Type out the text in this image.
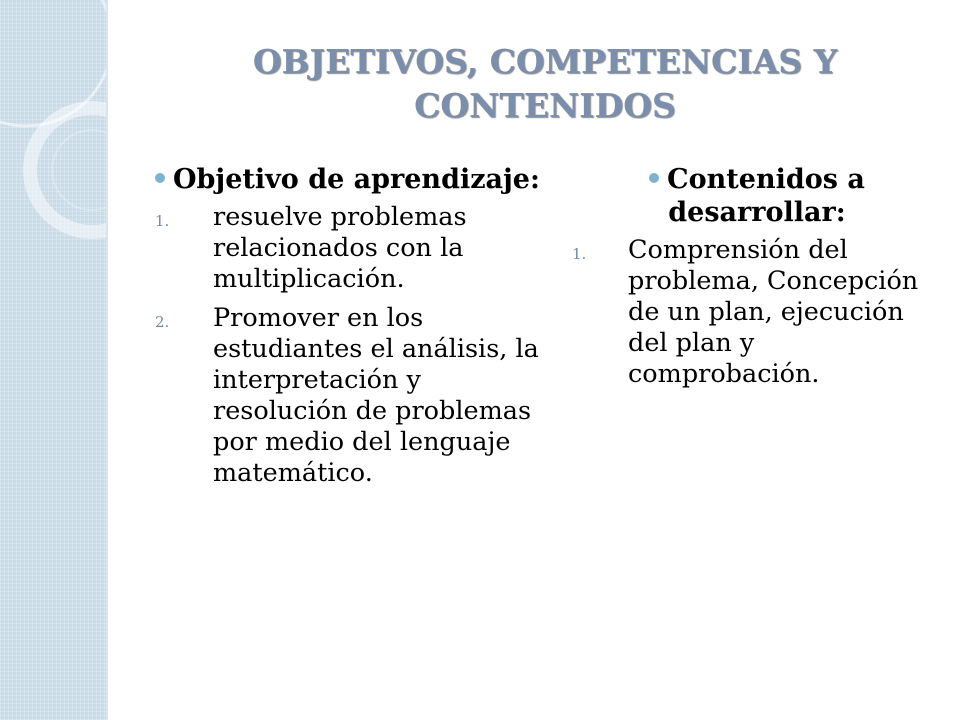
OBJETIVOS, COMPETENCIAS Y CONTENIDOS
Objetivo de aprendizaje:
1. resuelve problemas relacionados con la multiplicación.
2. Promover en los estudiantes el análisis, la interpretación y resolución de problemas por medio del lenguaje matemático.
Contenidos a desarrollar:
1. Comprensión del problema, Concepción de un plan, ejecución del plan y comprobación.
